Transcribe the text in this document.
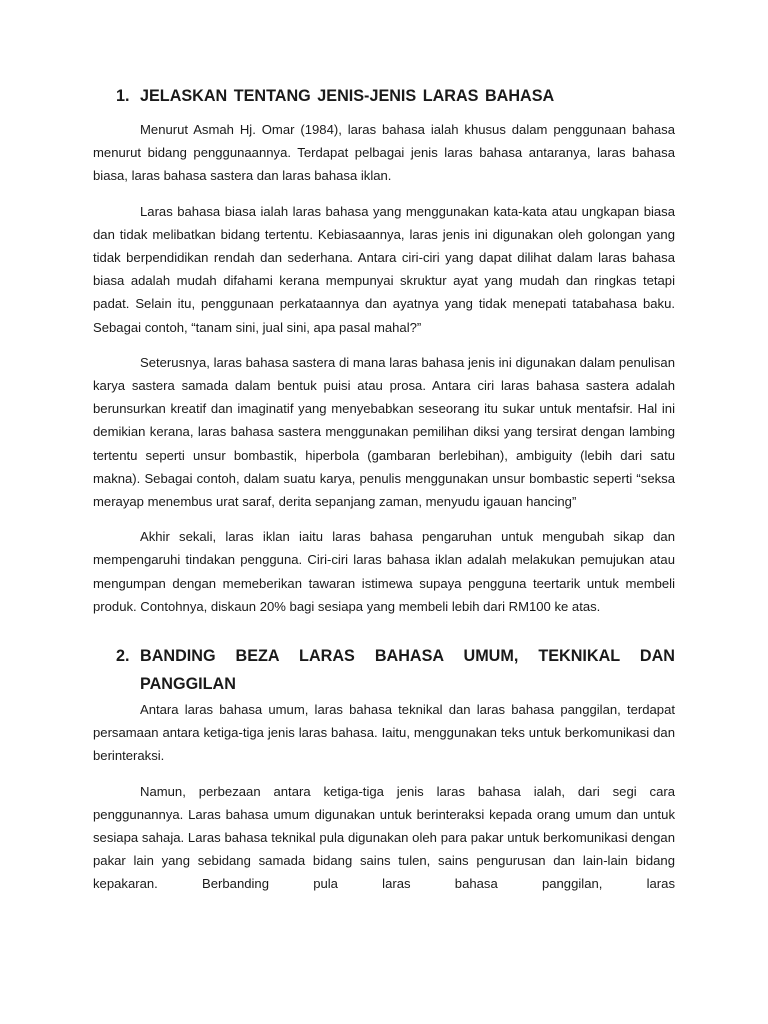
1. JELASKAN TENTANG JENIS-JENIS LARAS BAHASA

Menurut Asmah Hj. Omar (1984), laras bahasa ialah khusus dalam penggunaan bahasa menurut bidang penggunaannya. Terdapat pelbagai jenis laras bahasa antaranya, laras bahasa biasa, laras bahasa sastera dan laras bahasa iklan.

Laras bahasa biasa ialah laras bahasa yang menggunakan kata-kata atau ungkapan biasa dan tidak melibatkan bidang tertentu. Kebiasaannya, laras jenis ini digunakan oleh golongan yang tidak berpendidikan rendah dan sederhana. Antara ciri-ciri yang dapat dilihat dalam laras bahasa biasa adalah mudah difahami kerana mempunyai skruktur ayat yang mudah dan ringkas tetapi padat. Selain itu, penggunaan perkataannya dan ayatnya yang tidak menepati tatabahasa baku. Sebagai contoh, “tanam sini, jual sini, apa pasal mahal?”

Seterusnya, laras bahasa sastera di mana laras bahasa jenis ini digunakan dalam penulisan karya sastera samada dalam bentuk puisi atau prosa. Antara ciri laras bahasa sastera adalah berunsurkan kreatif dan imaginatif yang menyebabkan seseorang itu sukar untuk mentafsir. Hal ini demikian kerana, laras bahasa sastera menggunakan pemilihan diksi yang tersirat dengan lambing tertentu seperti unsur bombastik, hiperbola (gambaran berlebihan), ambiguity (lebih dari satu makna). Sebagai contoh, dalam suatu karya, penulis menggunakan unsur bombastic seperti “seksa merayap menembus urat saraf, derita sepanjang zaman, menyudu igauan hancing”

Akhir sekali, laras iklan iaitu laras bahasa pengaruhan untuk mengubah sikap dan mempengaruhi tindakan pengguna. Ciri-ciri laras bahasa iklan adalah melakukan pemujukan atau mengumpan dengan memeberikan tawaran istimewa supaya pengguna teertarik untuk membeli produk. Contohnya, diskaun 20% bagi sesiapa yang membeli lebih dari RM100 ke atas.

2. BANDING BEZA LARAS BAHASA UMUM, TEKNIKAL DAN
PANGGILAN

Antara laras bahasa umum, laras bahasa teknikal dan laras bahasa panggilan, terdapat persamaan antara ketiga-tiga jenis laras bahasa. Iaitu, menggunakan teks untuk berkomunikasi dan berinteraksi.

Namun, perbezaan antara ketiga-tiga jenis laras bahasa ialah, dari segi cara penggunannya. Laras bahasa umum digunakan untuk berinteraksi kepada orang umum dan untuk sesiapa sahaja. Laras bahasa teknikal pula digunakan oleh para pakar untuk berkomunikasi dengan pakar lain yang sebidang samada bidang sains tulen, sains pengurusan dan lain-lain bidang kepakaran. Berbanding pula laras bahasa panggilan, laras
